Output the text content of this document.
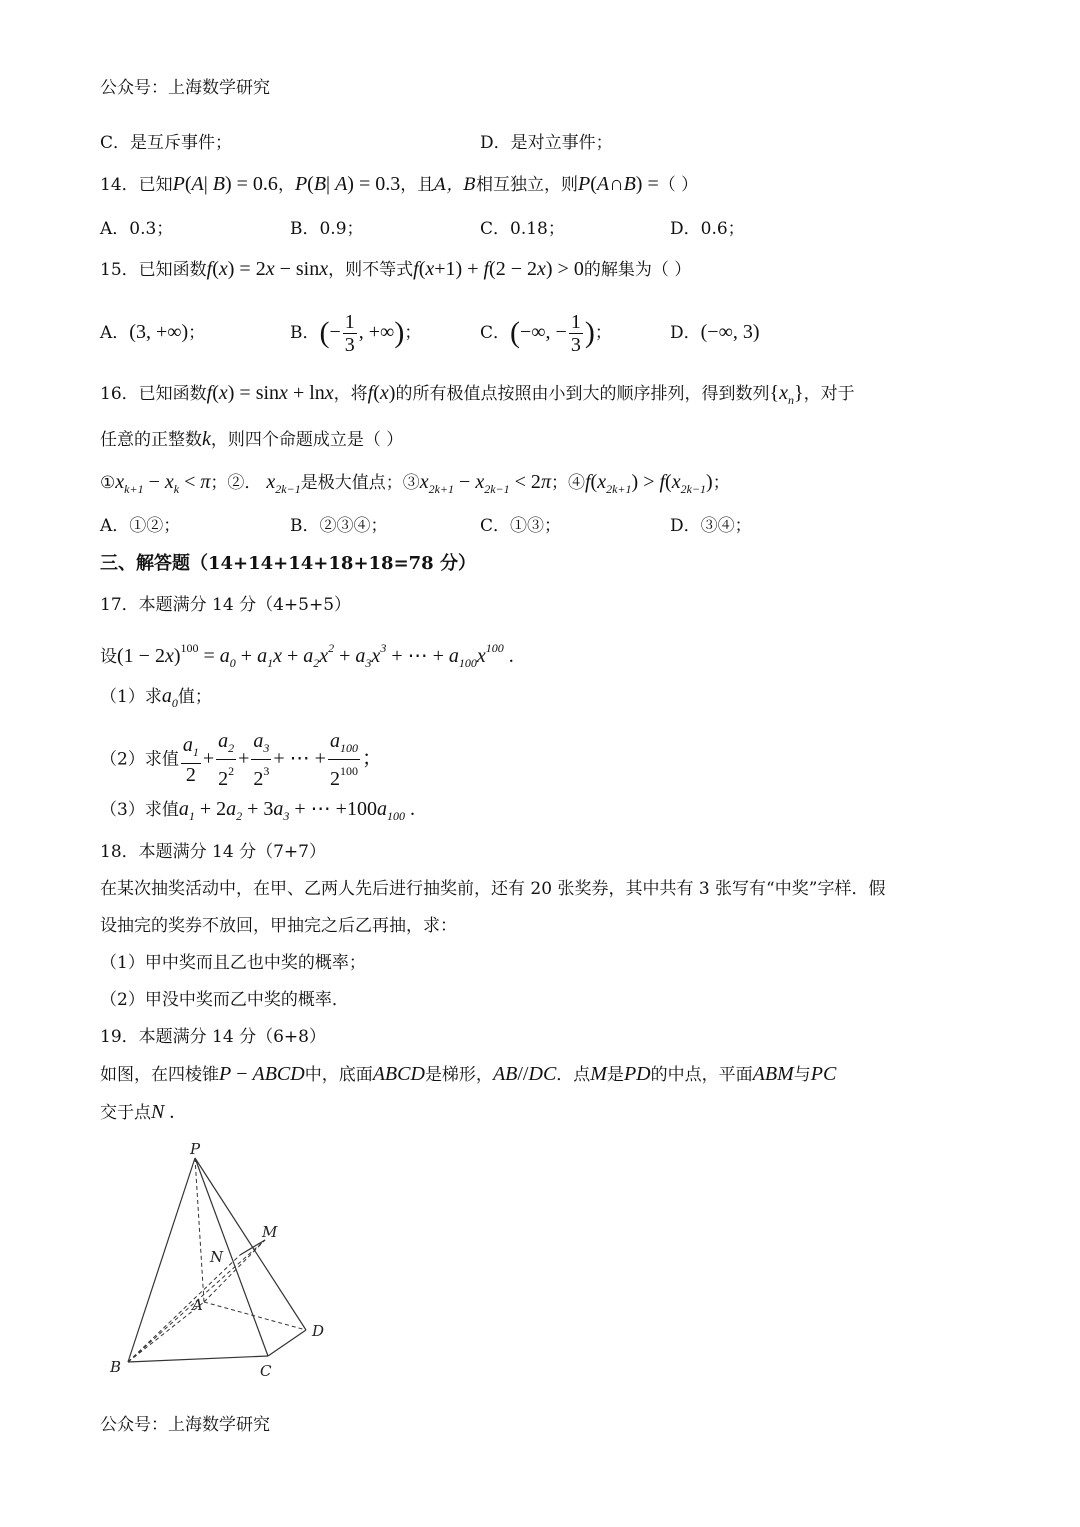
公众号：上海数学研究
C．是互斥事件；	D．是对立事件；
14．已知P(A| B) = 0.6，P(B| A) = 0.3，且A，B相互独立，则P(A∩B) =（ ）
A．0.3；	B．0.9；	C．0.18；	D．0.6；
15．已知函数f(x) = 2x − sinx，则不等式f(x+1) + f(2 − 2x) > 0的解集为（ ）
A．(3, +∞)；	B．(− $\frac{1}{3}$ , +∞)；	C．(−∞, − $\frac{1}{3}$ )；	D．(−∞, 3)
16．已知函数f(x) = sinx + lnx，将f(x)的所有极值点按照由小到大的顺序排列，得到数列$\{x_n\}$，对于
任意的正整数k，则四个命题成立是（ ）
$①x_{k+1} - x_k < \pi$；②． $x_{2k-1}$是极大值点；$③x_{2k+1} - x_{2k-1} < 2\pi$；$④f(x_{2k+1}) > f(x_{2k-1})$；
A．①②；	B．②③④；	C．①③；	D．③④；
三、解答题（14+14+14+18+18=78 分）
17．本题满分 14 分（4+5+5）
设$(1 - 2x)^{100} = a_0 + a_1x + a_2x^2 + a_3x^3$ + ⋯ + $a_{100}x^{100}$ .
（1）求$a_0$值；
（2）求值 $\frac{a_1}{2} + \frac{a_2}{2^2} + \frac{a_3}{2^3}$ + ⋯ + $\frac{a_{100}}{2^{100}}$ ；
（3）求值$a_1 + 2a_2 + 3a_3$ + ⋯ $+100a_{100}$ .
18．本题满分 14 分（7+7）
在某次抽奖活动中，在甲、乙两人先后进行抽奖前，还有 20 张奖券，其中共有 3 张写有“中奖”字样．假
设抽完的奖券不放回，甲抽完之后乙再抽，求：
（1）甲中奖而且乙也中奖的概率；
（2）甲没中奖而乙中奖的概率．
19．本题满分 14 分（6+8）
如图，在四棱锥P − ABCD中，底面ABCD是梯形，AB//DC．点M是PD的中点，平面ABM与PC
交于点N .
P
M
N
A
B	C
D
公众号：上海数学研究
